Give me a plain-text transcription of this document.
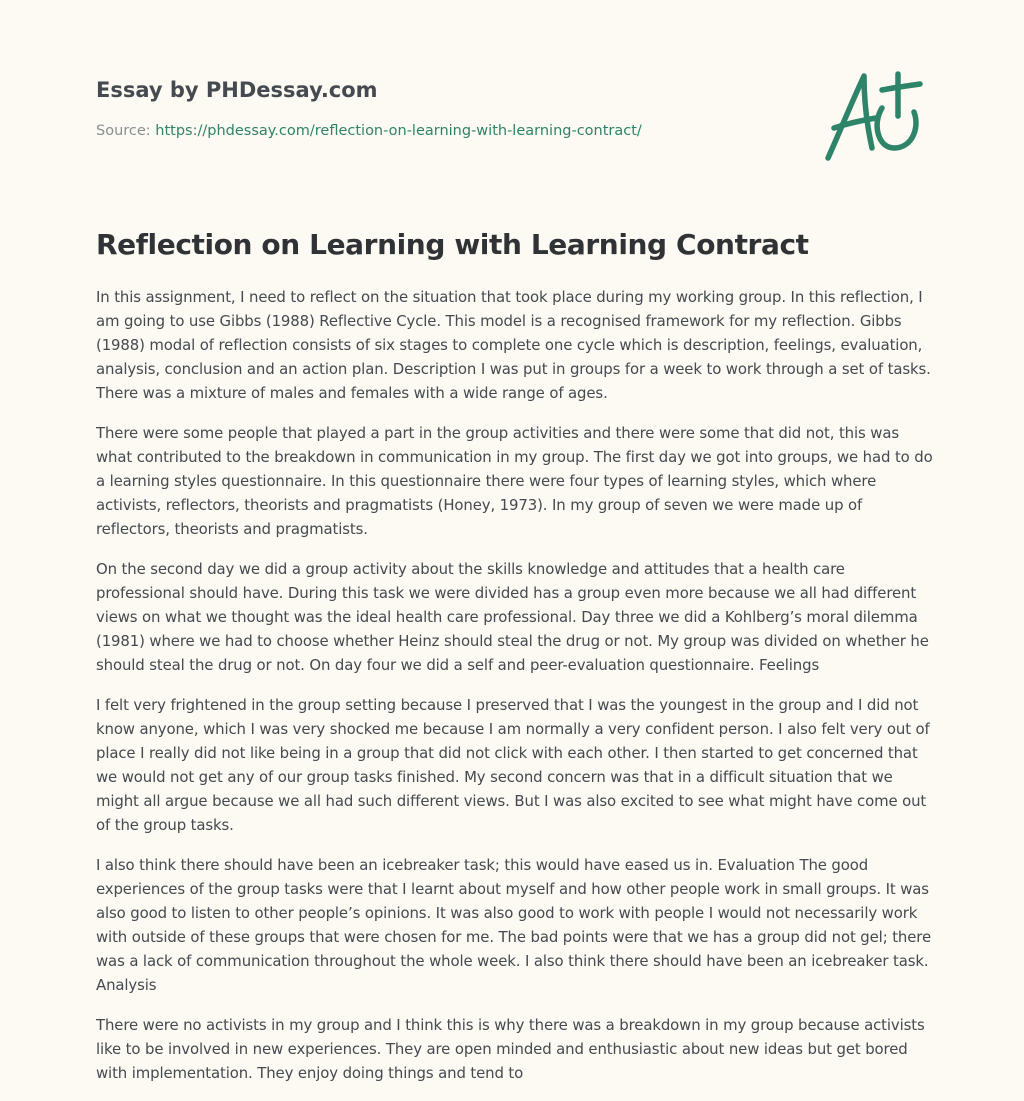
Essay by PHDessay.com
Source: https://phdessay.com/reflection-on-learning-with-learning-contract/
Reflection on Learning with Learning Contract

In this assignment, I need to reflect on the situation that took place during my working group. In this reflection, I am going to use Gibbs (1988) Reflective Cycle. This model is a recognised framework for my reflection. Gibbs (1988) modal of reflection consists of six stages to complete one cycle which is description, feelings, evaluation, analysis, conclusion and an action plan. Description I was put in groups for a week to work through a set of tasks. There was a mixture of males and females with a wide range of ages.

There were some people that played a part in the group activities and there were some that did not, this was what contributed to the breakdown in communication in my group. The first day we got into groups, we had to do a learning styles questionnaire. In this questionnaire there were four types of learning styles, which where activists, reflectors, theorists and pragmatists (Honey, 1973). In my group of seven we were made up of reflectors, theorists and pragmatists.

On the second day we did a group activity about the skills knowledge and attitudes that a health care professional should have. During this task we were divided has a group even more because we all had different views on what we thought was the ideal health care professional. Day three we did a Kohlberg’s moral dilemma (1981) where we had to choose whether Heinz should steal the drug or not. My group was divided on whether he should steal the drug or not. On day four we did a self and peer-evaluation questionnaire. Feelings

I felt very frightened in the group setting because I preserved that I was the youngest in the group and I did not know anyone, which I was very shocked me because I am normally a very confident person. I also felt very out of place I really did not like being in a group that did not click with each other. I then started to get concerned that we would not get any of our group tasks finished. My second concern was that in a difficult situation that we might all argue because we all had such different views. But I was also excited to see what might have come out of the group tasks.

I also think there should have been an icebreaker task; this would have eased us in. Evaluation The good experiences of the group tasks were that I learnt about myself and how other people work in small groups. It was also good to listen to other people’s opinions. It was also good to work with people I would not necessarily work with outside of these groups that were chosen for me. The bad points were that we has a group did not gel; there was a lack of communication throughout the whole week. I also think there should have been an icebreaker task. Analysis

There were no activists in my group and I think this is why there was a breakdown in my group because activists like to be involved in new experiences. They are open minded and enthusiastic about new ideas but get bored with implementation. They enjoy doing things and tend to
